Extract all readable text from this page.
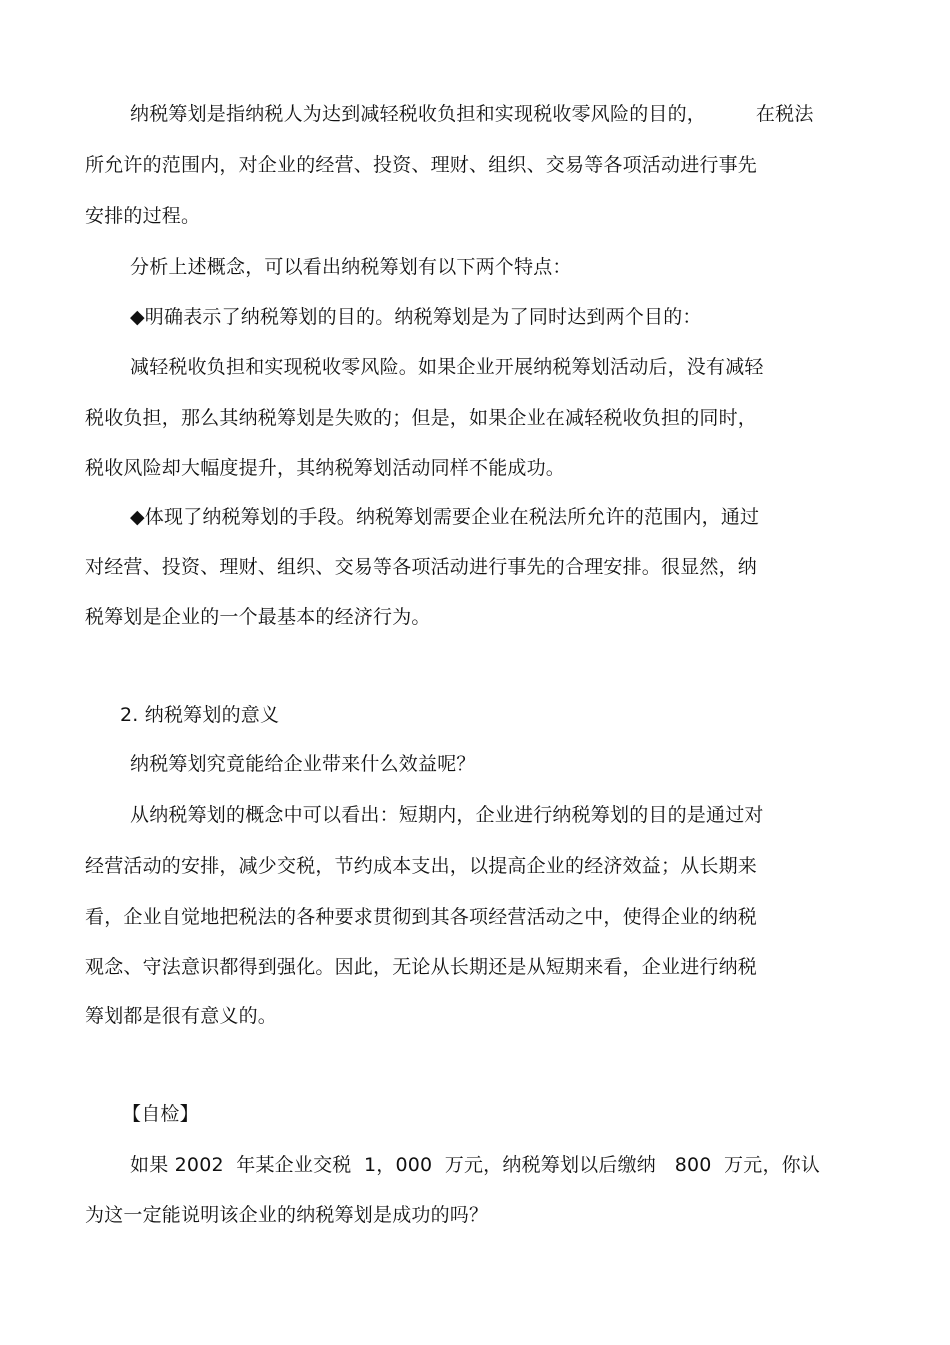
纳税筹划是指纳税人为达到减轻税收负担和实现税收零风险的目的，        在税法
所允许的范围内，对企业的经营、投资、理财、组织、交易等各项活动进行事先
安排的过程。
分析上述概念，可以看出纳税筹划有以下两个特点：
◆明确表示了纳税筹划的目的。纳税筹划是为了同时达到两个目的：
减轻税收负担和实现税收零风险。如果企业开展纳税筹划活动后，没有减轻
税收负担，那么其纳税筹划是失败的；但是，如果企业在减轻税收负担的同时，
税收风险却大幅度提升，其纳税筹划活动同样不能成功。
◆体现了纳税筹划的手段。纳税筹划需要企业在税法所允许的范围内，通过
对经营、投资、理财、组织、交易等各项活动进行事先的合理安排。很显然，纳
税筹划是企业的一个最基本的经济行为。
2. 纳税筹划的意义
纳税筹划究竟能给企业带来什么效益呢？
从纳税筹划的概念中可以看出：短期内，企业进行纳税筹划的目的是通过对
经营活动的安排，减少交税，节约成本支出，以提高企业的经济效益；从长期来
看，企业自觉地把税法的各种要求贯彻到其各项经营活动之中，使得企业的纳税
观念、守法意识都得到强化。因此，无论从长期还是从短期来看，企业进行纳税
筹划都是很有意义的。
【自检】
如果 2002  年某企业交税  1，000  万元，纳税筹划以后缴纳   800  万元，你认
为这一定能说明该企业的纳税筹划是成功的吗？
